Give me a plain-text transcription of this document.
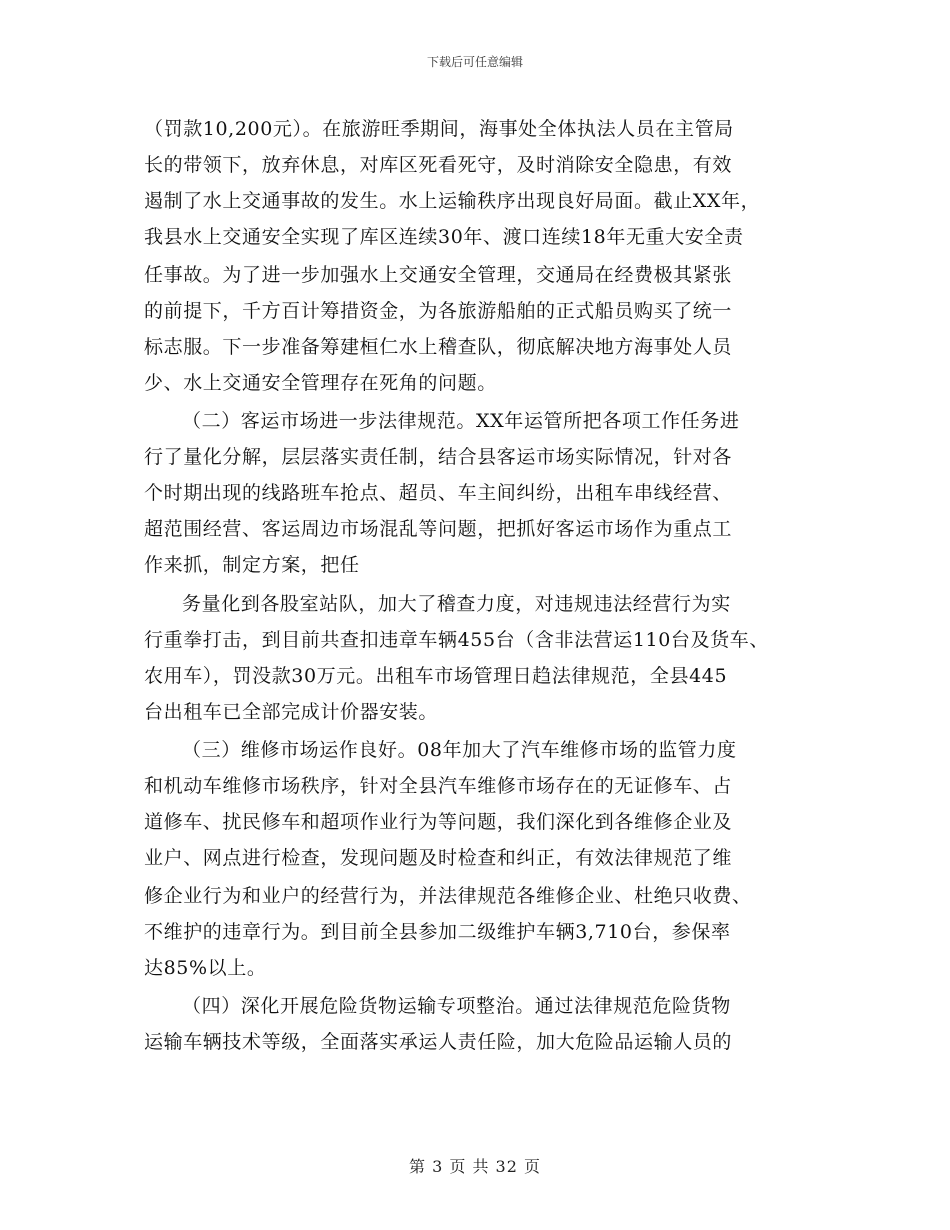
下载后可任意编辑
（罚款10,200元）。在旅游旺季期间，海事处全体执法人员在主管局
长的带领下，放弃休息，对库区死看死守，及时消除安全隐患，有效
遏制了水上交通事故的发生。水上运输秩序出现良好局面。截止XX年，
我县水上交通安全实现了库区连续30年、渡口连续18年无重大安全责
任事故。为了进一步加强水上交通安全管理，交通局在经费极其紧张
的前提下，千方百计筹措资金，为各旅游船舶的正式船员购买了统一
标志服。下一步准备筹建桓仁水上稽查队，彻底解决地方海事处人员
少、水上交通安全管理存在死角的问题。
（二）客运市场进一步法律规范。XX年运管所把各项工作任务进
行了量化分解，层层落实责任制，结合县客运市场实际情况，针对各
个时期出现的线路班车抢点、超员、车主间纠纷，出租车串线经营、
超范围经营、客运周边市场混乱等问题，把抓好客运市场作为重点工
作来抓，制定方案，把任
务量化到各股室站队，加大了稽查力度，对违规违法经营行为实
行重拳打击，到目前共查扣违章车辆455台（含非法营运110台及货车、
农用车），罚没款30万元。出租车市场管理日趋法律规范，全县445
台出租车已全部完成计价器安装。
（三）维修市场运作良好。08年加大了汽车维修市场的监管力度
和机动车维修市场秩序，针对全县汽车维修市场存在的无证修车、占
道修车、扰民修车和超项作业行为等问题，我们深化到各维修企业及
业户、网点进行检查，发现问题及时检查和纠正，有效法律规范了维
修企业行为和业户的经营行为，并法律规范各维修企业、杜绝只收费、
不维护的违章行为。到目前全县参加二级维护车辆3,710台，参保率
达85%以上。
（四）深化开展危险货物运输专项整治。通过法律规范危险货物
运输车辆技术等级，全面落实承运人责任险，加大危险品运输人员的
第 3 页 共 32 页
